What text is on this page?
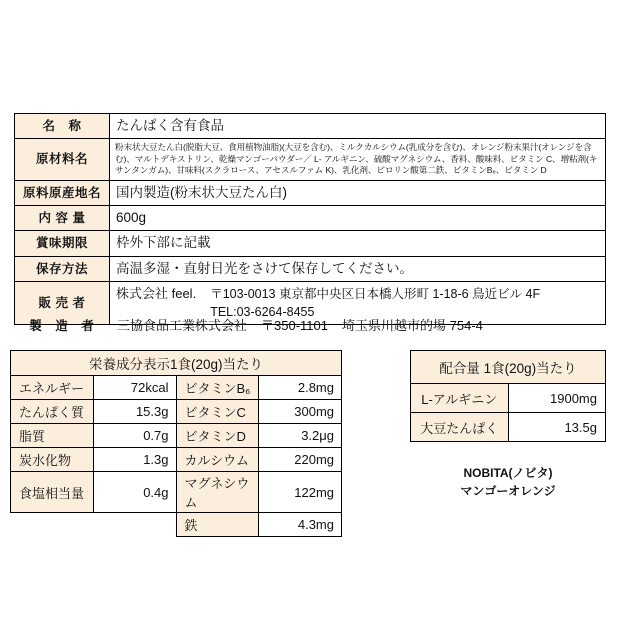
名　称	たんぱく含有食品
原材料名	粉末状大豆たん白(脱脂大豆、食用植物油脂)(大豆を含む)、ミルクカルシウム(乳成分を含む)、オレンジ粉末果汁(オレンジを含む)、マルトデキストリン、乾燥マンゴーパウダー／ L- アルギニン、硫酸マグネシウム、香料、酸味料、ビタミン C、増粘剤(キサンタンガム)、甘味料(スクラロース、アセスルファム K)、乳化剤、ピロリン酸第二鉄、ビタミンB₆、ビタミン D
原料原産地名	国内製造(粉末状大豆たん白)
内 容 量	600g
賞味期限	枠外下部に記載
保存方法	高温多湿・直射日光をさけて保存してください。
販 売 者	株式会社 feel. 〒103-0013 東京都中央区日本橋人形町 1-18-6 鳥近ビル 4F
TEL:03-6264-8455
製 造 者	三協食品工業株式会社 〒350-1101 埼玉県川越市的場 754-4
栄養成分表示1食(20g)当たり			
エネルギー	72kcal	ビタミンB₆	2.8mg
たんぱく質	15.3g	ビタミンC	300mg
脂質	0.7g	ビタミンD	3.2μg
炭水化物	1.3g	カルシウム	220mg
食塩相当量	0.4g	マグネシウム	122mg
		鉄	4.3mg
配合量 1食(20g)当たり	
L-アルギニン	1900mg
大豆たんぱく	13.5g
NOBITA(ノビタ)
マンゴーオレンジ
